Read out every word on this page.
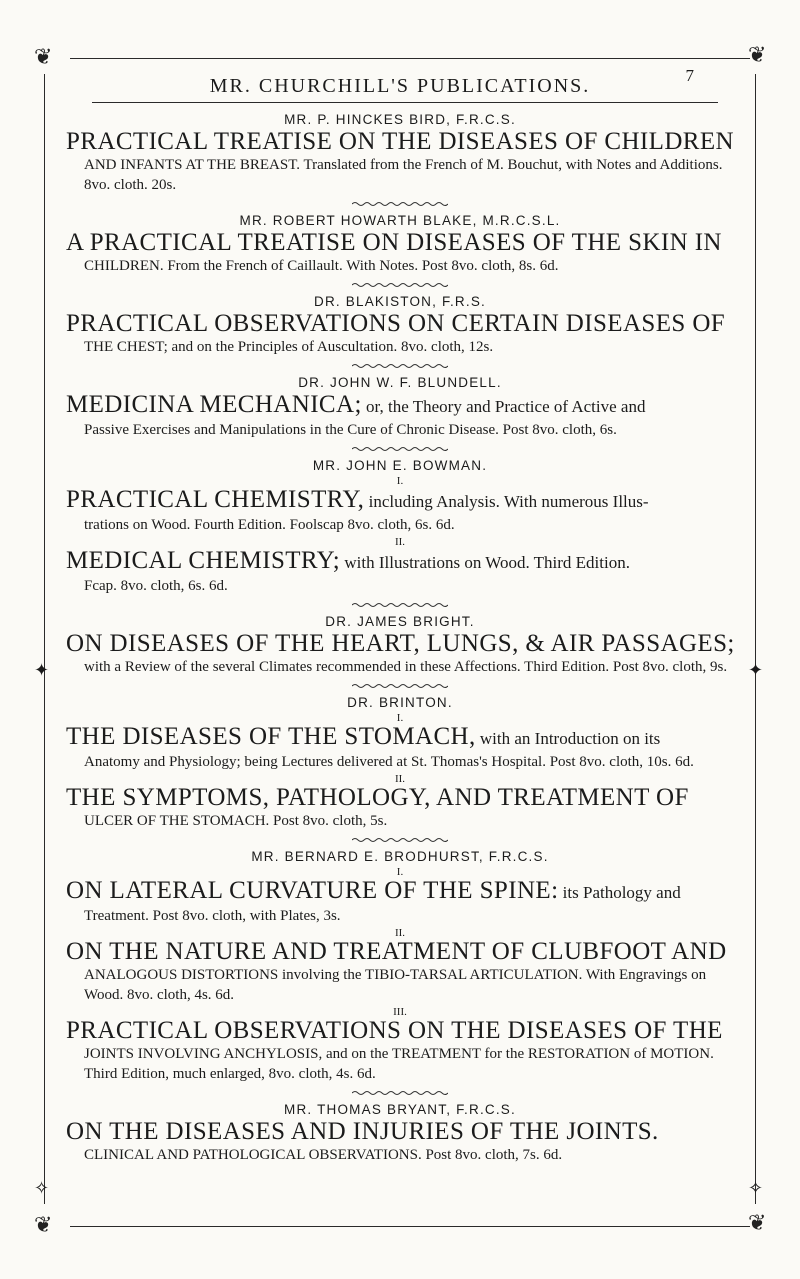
❦	❦
MR. CHURCHILL'S PUBLICATIONS.	7
✦	✦
✧	✧
❦	❦

MR. P. HINCKES BIRD, F.R.C.S.

PRACTICAL TREATISE ON THE DISEASES OF CHILDREN

AND INFANTS AT THE BREAST. Translated from the French of M. Bouchut, with Notes and Additions. 8vo. cloth. 20s.

MR. ROBERT HOWARTH BLAKE, M.R.C.S.L.

A PRACTICAL TREATISE ON DISEASES OF THE SKIN IN

CHILDREN. From the French of Caillault. With Notes. Post 8vo. cloth, 8s. 6d.

DR. BLAKISTON, F.R.S.

PRACTICAL OBSERVATIONS ON CERTAIN DISEASES OF

THE CHEST; and on the Principles of Auscultation. 8vo. cloth, 12s.

DR. JOHN W. F. BLUNDELL.

MEDICINA MECHANICA; or, the Theory and Practice of Active and

Passive Exercises and Manipulations in the Cure of Chronic Disease. Post 8vo. cloth, 6s.

MR. JOHN E. BOWMAN.

I.

PRACTICAL CHEMISTRY, including Analysis. With numerous Illus-

trations on Wood. Fourth Edition. Foolscap 8vo. cloth, 6s. 6d.

II.

MEDICAL CHEMISTRY; with Illustrations on Wood. Third Edition.

Fcap. 8vo. cloth, 6s. 6d.

DR. JAMES BRIGHT.

ON DISEASES OF THE HEART, LUNGS, & AIR PASSAGES;

with a Review of the several Climates recommended in these Affections. Third Edition. Post 8vo. cloth, 9s.

DR. BRINTON.

I.

THE DISEASES OF THE STOMACH, with an Introduction on its

Anatomy and Physiology; being Lectures delivered at St. Thomas's Hospital. Post 8vo. cloth, 10s. 6d.

II.

THE SYMPTOMS, PATHOLOGY, AND TREATMENT OF

ULCER OF THE STOMACH. Post 8vo. cloth, 5s.

MR. BERNARD E. BRODHURST, F.R.C.S.

I.

ON LATERAL CURVATURE OF THE SPINE: its Pathology and

Treatment. Post 8vo. cloth, with Plates, 3s.

II.

ON THE NATURE AND TREATMENT OF CLUBFOOT AND

ANALOGOUS DISTORTIONS involving the TIBIO-TARSAL ARTICULATION. With Engravings on Wood. 8vo. cloth, 4s. 6d.

III.

PRACTICAL OBSERVATIONS ON THE DISEASES OF THE

JOINTS INVOLVING ANCHYLOSIS, and on the TREATMENT for the RESTORATION of MOTION. Third Edition, much enlarged, 8vo. cloth, 4s. 6d.

MR. THOMAS BRYANT, F.R.C.S.

ON THE DISEASES AND INJURIES OF THE JOINTS.

CLINICAL AND PATHOLOGICAL OBSERVATIONS. Post 8vo. cloth, 7s. 6d.
